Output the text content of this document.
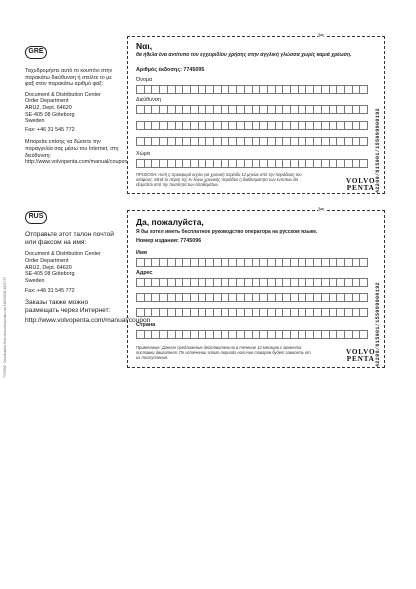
7745096 · Downloaded from www.volvopenta.com 16/03/2015 16:07:37
GRE

Ταχυδρομήστε αυτό το κουπόνι στην παρακάτω διεύθυνση ή στείλτε το με φαξ στον παρακάτω αριθμό φαξ:

Document & Distribution Center
Order Department
ARU2, Dept. 64620
SE-405 08 Göteborg
Sweden

Fax: +46 31 545 772

Μπορείτε επίσης να δώσετε την παραγγελία σας μέσω του Internet, στη διεύθυνση:

http://www.volvopenta.com/manual/coupon

✂
Ναι,
θα ήθελα ένα αντίτυπο του εγχειριδίου χρήσης στην αγγλική γλώσσα χωρίς καμιά χρέωση.
Αριθμός έκδοσης: 7745095
Όνομα
Διεύθυνση
Χώρα
ΠΡΟΣΟΧΗ: Αυτή η προσφορά ισχύει για χρονική περίοδο 12 μηνών από την παράδοση του σκάφους. Μετά το πέρας της εν λόγω χρονικής περιόδου η διαθεσιμότητα των εντύπων θα εξαρτάται από την ποσότητα των αποθεμάτων.	VOLVO
PENTA 42200/615001/155099900192
RUS

Отправьте этот талон почтой или факсом на имя:

Document & Distribution Center
Order Department
ARU2, Dept. 64620
SE-405 08 Göteborg
Sweden

Fax: +46 31 545 772

Заказы также можно размещать через Интернет:

http://www.volvopenta.com/manual/coupon

✂
Да, пожалуйста,
Я бы хотел иметь бесплатное руководство оператора на русском языке.
Номер издания: 7745096
Имя
Адрес
Страна
Примечание: Данное предложение действительно в течение 12 месяцев с момента поставки двигателя. По истечении этого периода наличие товаров будет зависеть от их поступления.
VOLVO
PENTA 42200/615001/155099900192
